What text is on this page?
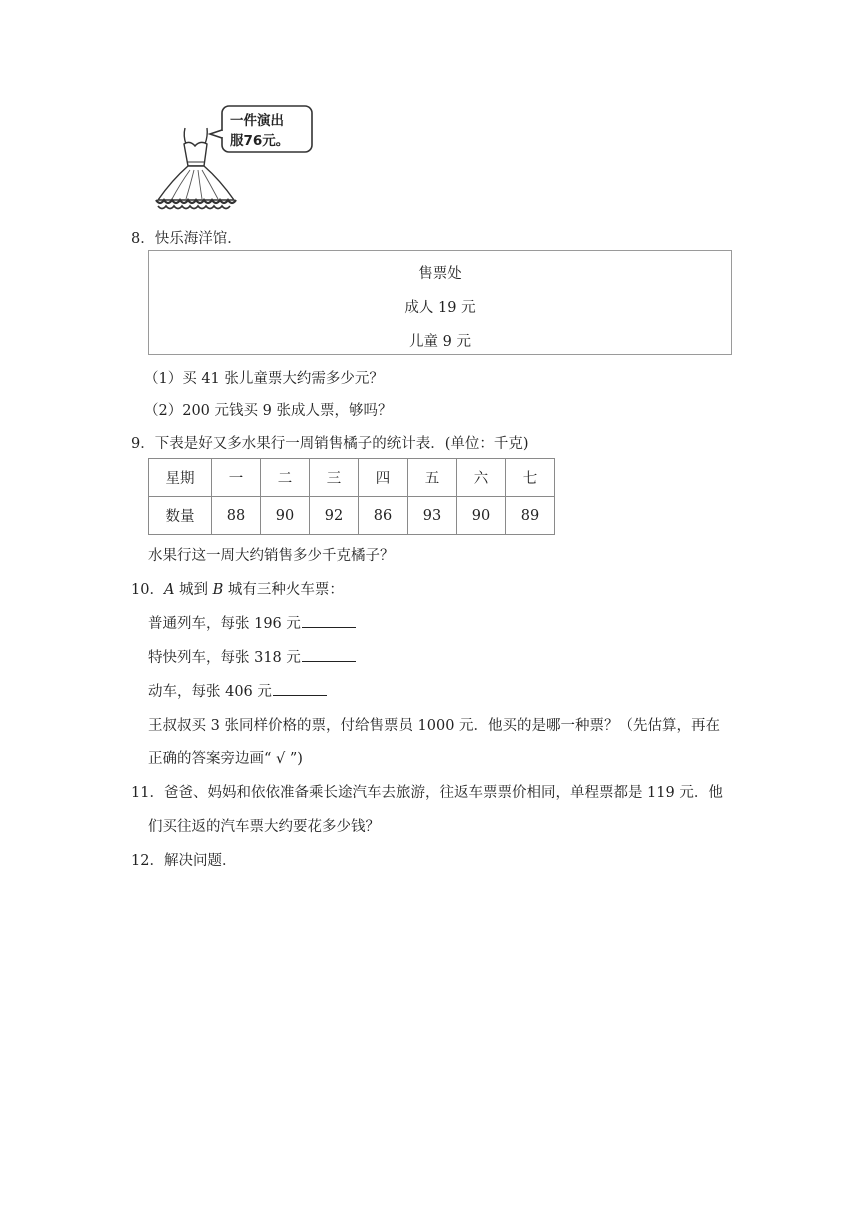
一件演出
服76元。
8．快乐海洋馆．
售票处
成人 19 元
儿童 9 元
（1）买 41 张儿童票大约需多少元？
（2）200 元钱买 9 张成人票，够吗？
9．下表是好又多水果行一周销售橘子的统计表．(单位：千克)
星期	一	二	三	四	五	六	七
数量	88	90	92	86	93	90	89
水果行这一周大约销售多少千克橘子？
10．A 城到 B 城有三种火车票：
普通列车，每张 196 元
特快列车，每张 318 元
动车，每张 406 元
王叔叔买 3 张同样价格的票，付给售票员 1000 元．他买的是哪一种票？（先估算，再在
正确的答案旁边画“ √ ”)
11．爸爸、妈妈和依依准备乘长途汽车去旅游，往返车票票价相同，单程票都是 119 元．他
们买往返的汽车票大约要花多少钱？
12．解决问题．
